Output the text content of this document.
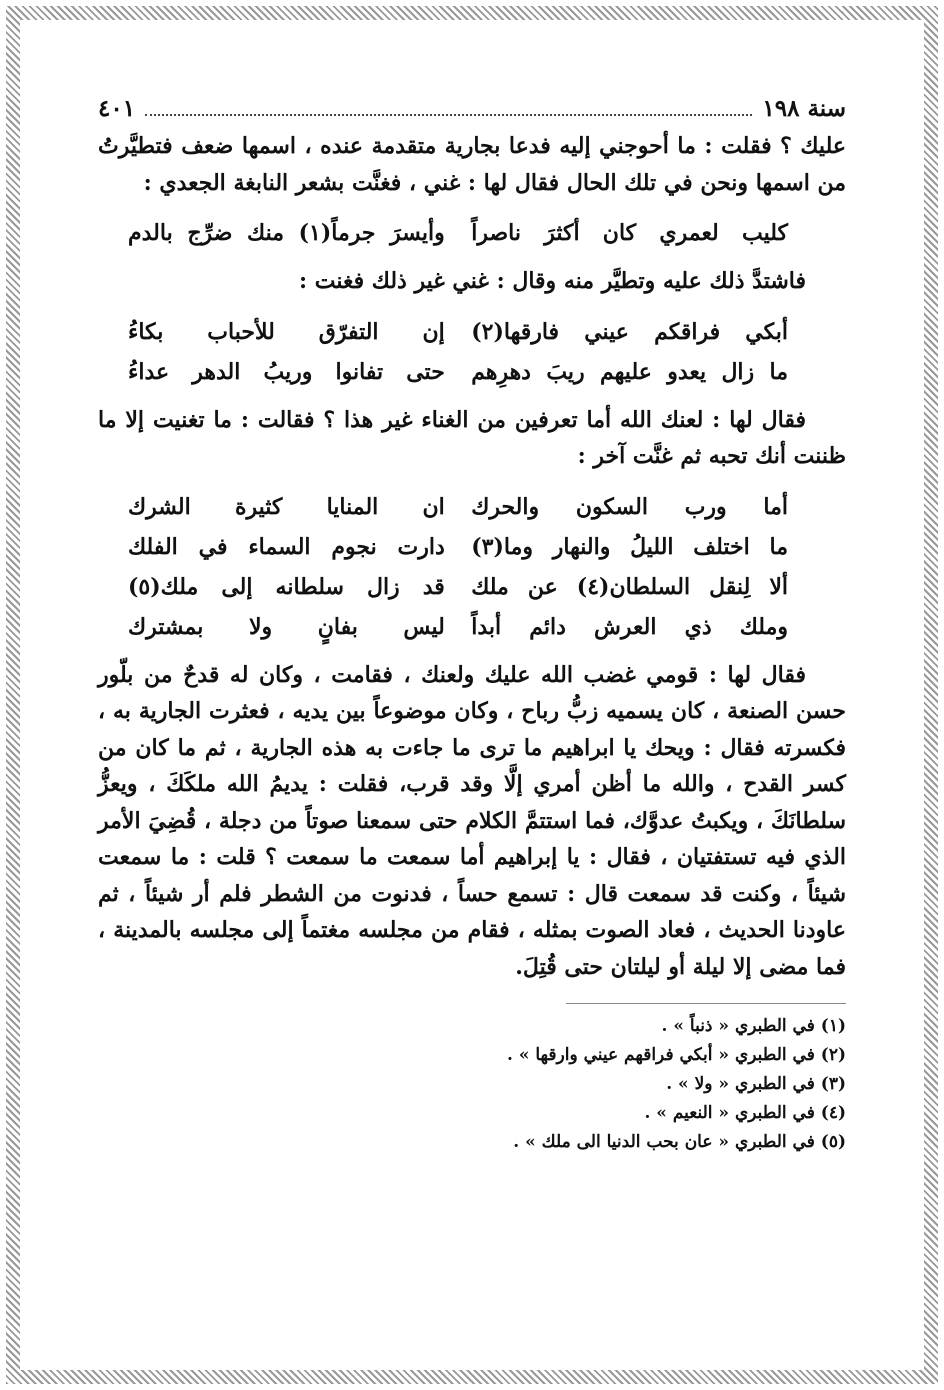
سنة ١٩٨
٤٠١

عليك ؟ فقلت : ما أحوجني إليه فدعا بجارية متقدمة عنده ، اسمها ضعف فتطيَّرتُ من اسمها ونحن في تلك الحال فقال لها : غني ، فغنَّت بشعر النابغة الجعدي :

كليب لعمري كان أكثرَ ناصراً
وأيسرَ جرماً(١) منك ضرِّج بالدم

فاشتدَّ ذلك عليه وتطيَّر منه وقال : غني غير ذلك فغنت :

أبكي فراقكم عيني فارقها(٢)
إن التفرّق للأحباب بكاءُ
ما زال يعدو عليهم ريبَ دهرِهم
حتى تفانوا وريبُ الدهر عداءُ

فقال لها : لعنك الله أما تعرفين من الغناء غير هذا ؟ فقالت : ما تغنيت إلا ما ظننت أنك تحبه ثم غنَّت آخر :

أما ورب السكون والحرك
ان المنايا كثيرة الشرك
ما اختلف الليلُ والنهار وما(٣)
دارت نجوم السماء في الفلك
ألا لِنقل السلطان(٤) عن ملك
قد زال سلطانه إلى ملك(٥)
وملك ذي العرش دائم أبداً
ليس بفانٍ ولا بمشترك

فقال لها : قومي غضب الله عليك ولعنك ، فقامت ، وكان له قدحٌ من بلّور حسن الصنعة ، كان يسميه زبُّ رباح ، وكان موضوعاً بين يديه ، فعثرت الجارية به ، فكسرته فقال : ويحك يا ابراهيم ما ترى ما جاءت به هذه الجارية ، ثم ما كان من كسر القدح ، والله ما أظن أمري إلَّا وقد قرب، فقلت : يديمُ الله ملكَكَ ، ويعزُّ سلطانَكَ ، ويكبتُ عدوَّك، فما استتمَّ الكلام حتى سمعنا صوتاً من دجلة ، قُضِيَ الأمر الذي فيه تستفتيان ، فقال : يا إبراهيم أما سمعت ما سمعت ؟ قلت : ما سمعت شيئاً ، وكنت قد سمعت قال : تسمع حساً ، فدنوت من الشطر فلم أر شيئاً ، ثم عاودنا الحديث ، فعاد الصوت بمثله ، فقام من مجلسه مغتماً إلى مجلسه بالمدينة ، فما مضى إلا ليلة أو ليلتان حتى قُتِلَ.

(١) في الطبري « ذنباً » .
(٢) في الطبري « أبكي فراقهم عيني وارقها » .
(٣) في الطبري « ولا » .
(٤) في الطبري « النعيم » .
(٥) في الطبري « عان بحب الدنيا الى ملك » .
